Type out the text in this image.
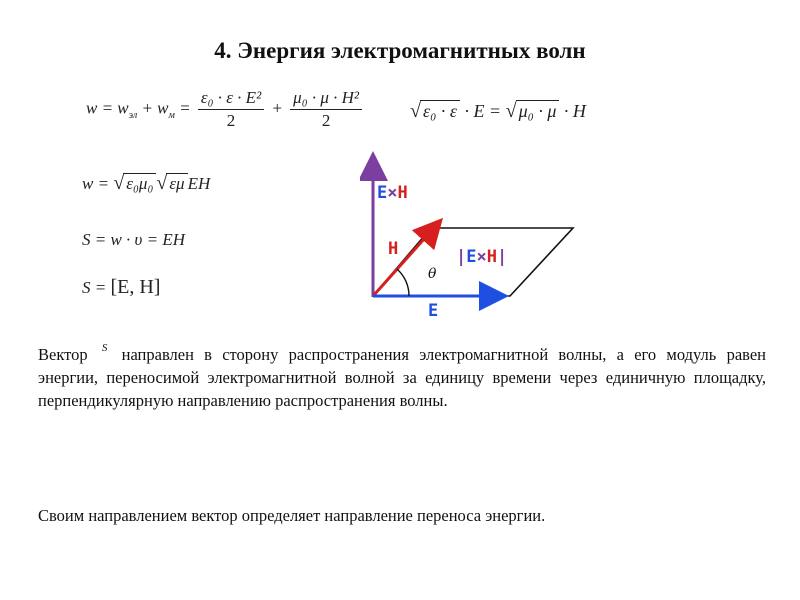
4. Энергия электромагнитных волн
$w = w_{эл} + w_м = \frac{\text{ε₀ · ε · E²}}{2} + \frac{\text{μ₀ · μ · H²}}{2}$ √ ε₀ · ε · E = √ μ₀ · μ · H
w = √ ε₀μ₀ √ εμ EH
S = w · υ = EH
S = [E, H]
θ
H
E
E×H
|E×H|
Вектор S направлен в сторону распространения электромагнитной волны, а его модуль равен энергии, переносимой электромагнитной волной за единицу времени через единичную площадку, перпендикулярную направлению распространения волны.
Своим направлением вектор определяет направление переноса энергии.
